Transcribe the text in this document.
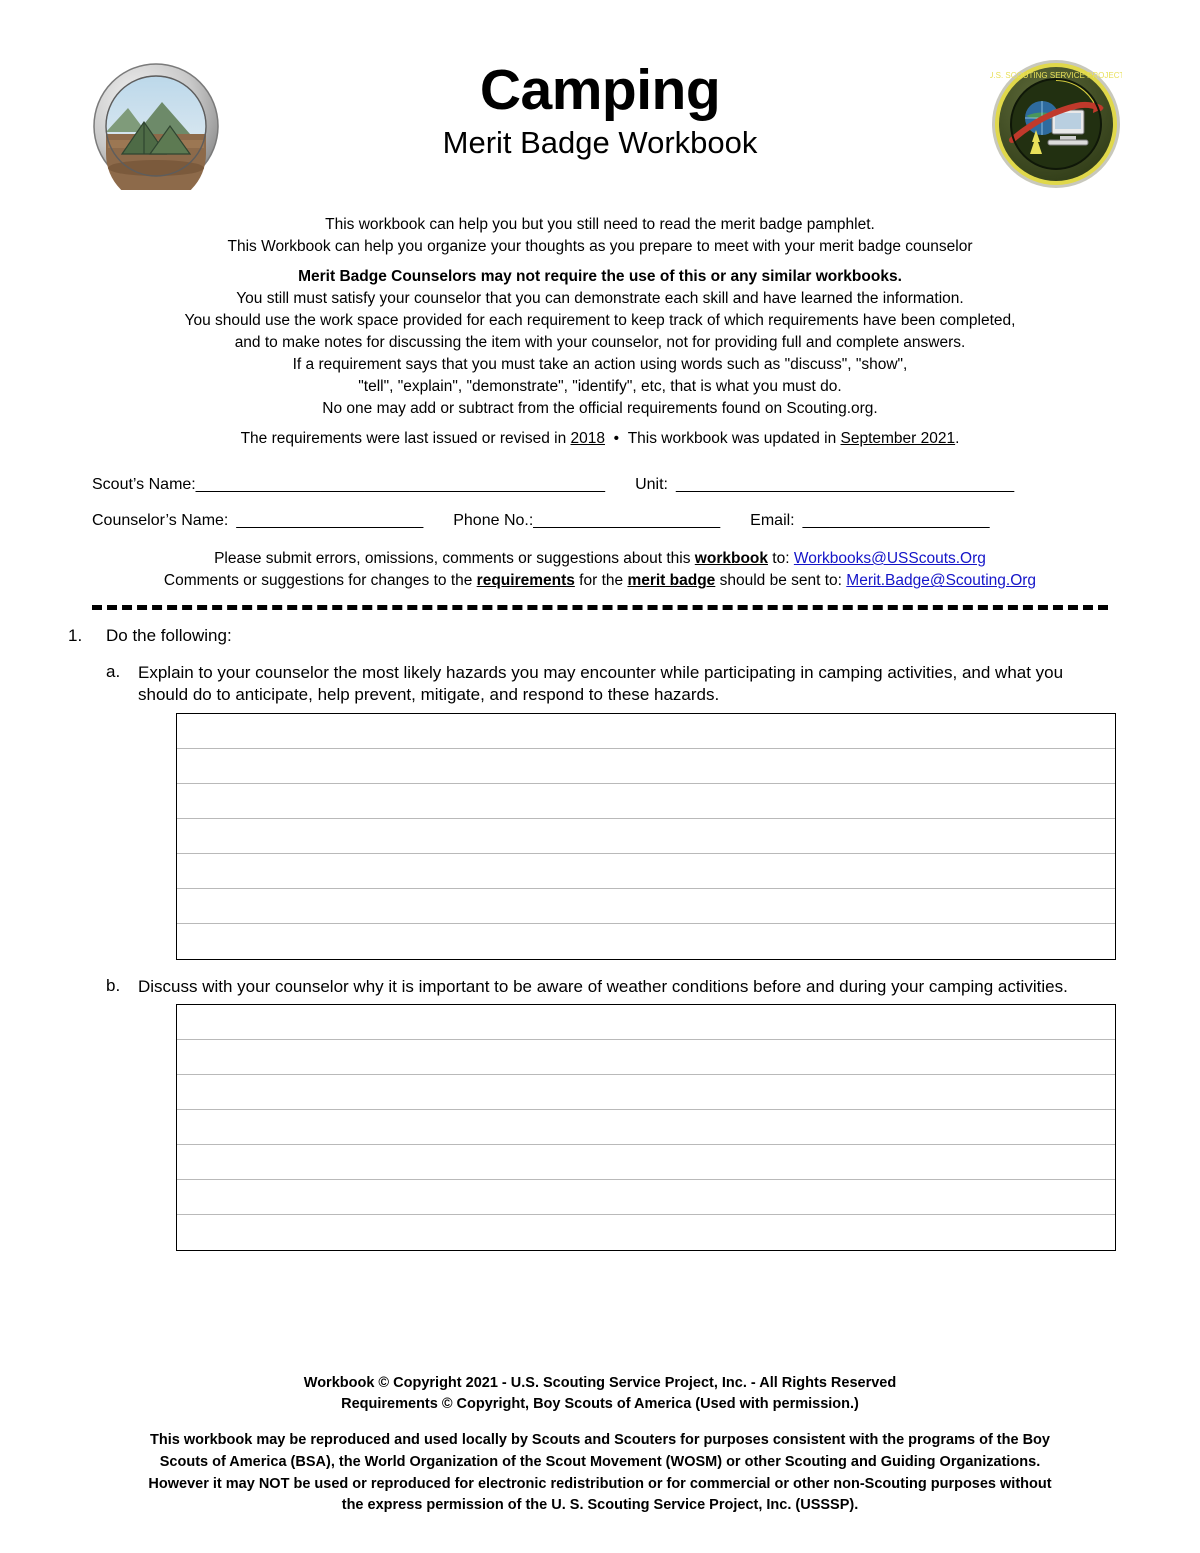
U.S. SCOUTING SERVICE PROJECT
Camping
Merit Badge Workbook
This workbook can help you but you still need to read the merit badge pamphlet.
This Workbook can help you organize your thoughts as you prepare to meet with your merit badge counselor
Merit Badge Counselors may not require the use of this or any similar workbooks.
You still must satisfy your counselor that you can demonstrate each skill and have learned the information.
You should use the work space provided for each requirement to keep track of which requirements have been completed,
and to make notes for discussing the item with your counselor, not for providing full and complete answers.
If a requirement says that you must take an action using words such as "discuss", "show",
"tell", "explain", "demonstrate", "identify", etc, that is what you must do.
No one may add or subtract from the official requirements found on Scouting.org.
The requirements were last issued or revised in 2018 • This workbook was updated in September 2021.
Scout’s Name: ______________________________________________ Unit: ______________________________________
Counselor’s Name: _____________________ Phone No.: _____________________ Email: _____________________
Please submit errors, omissions, comments or suggestions about this workbook to: Workbooks@USScouts.Org
Comments or suggestions for changes to the requirements for the merit badge should be sent to: Merit.Badge@Scouting.Org
1.	Do the following:
a.	Explain to your counselor the most likely hazards you may encounter while participating in camping activities, and what you should do to anticipate, help prevent, mitigate, and respond to these hazards.
b.	Discuss with your counselor why it is important to be aware of weather conditions before and during your camping activities.
Workbook © Copyright 2021 - U.S. Scouting Service Project, Inc. - All Rights Reserved
Requirements © Copyright, Boy Scouts of America (Used with permission.)
This workbook may be reproduced and used locally by Scouts and Scouters for purposes consistent with the programs of the Boy
Scouts of America (BSA), the World Organization of the Scout Movement (WOSM) or other Scouting and Guiding Organizations.
However it may NOT be used or reproduced for electronic redistribution or for commercial or other non-Scouting purposes without
the express permission of the U. S. Scouting Service Project, Inc. (USSSP).
